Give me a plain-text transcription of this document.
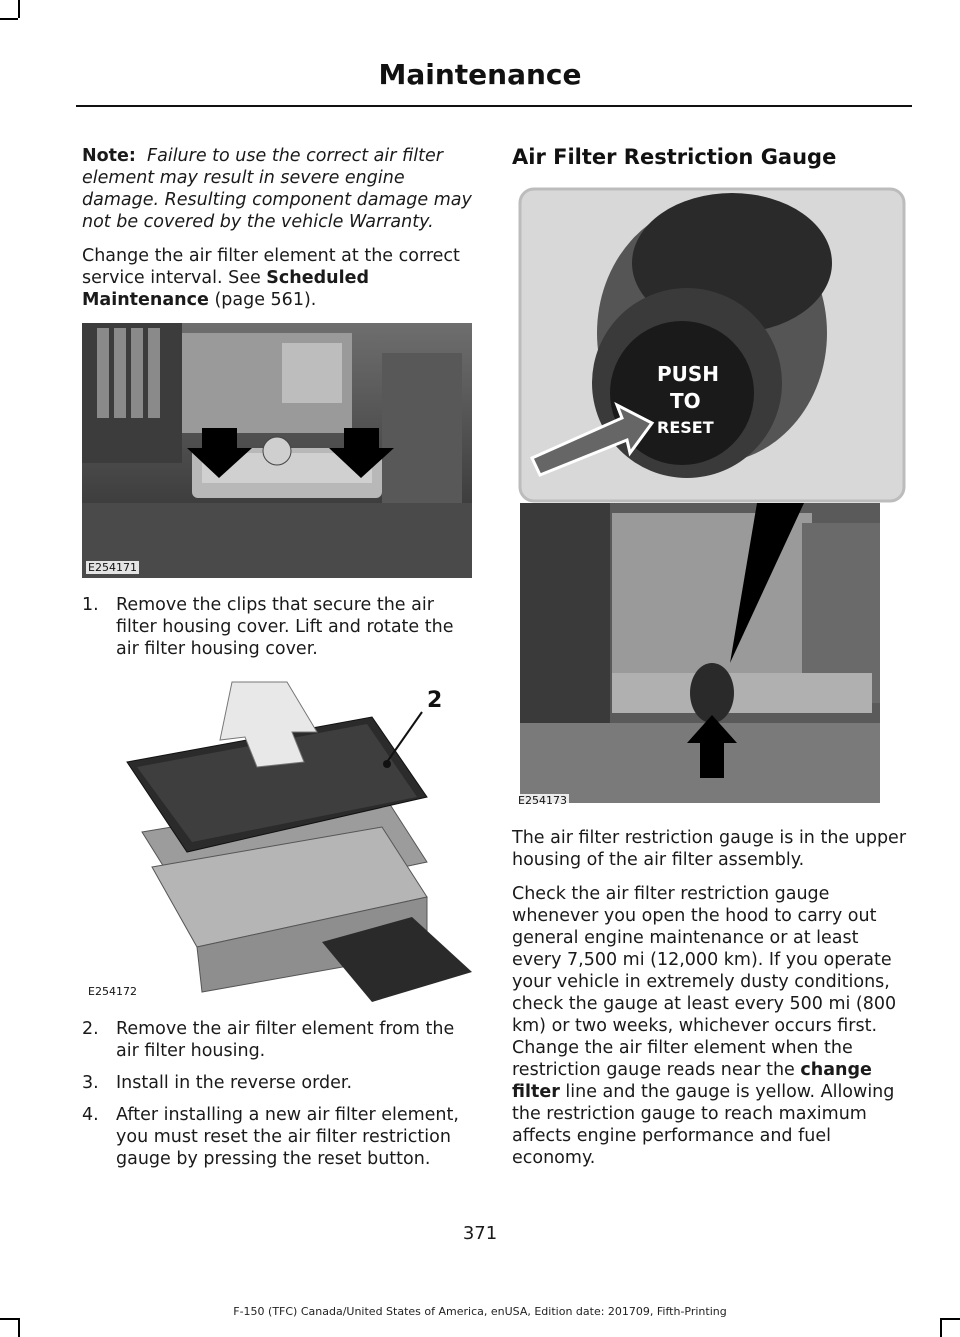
Maintenance

Note: Failure to use the correct air filter element may result in severe engine damage. Resulting component damage may not be covered by the vehicle Warranty.

Change the air filter element at the correct service interval. See Scheduled Maintenance (page 561).

E254171
1. Remove the clips that secure the air filter housing cover. Lift and rotate the air filter housing cover.
2
E254172
2. Remove the air filter element from the air filter housing.
3. Install in the reverse order.
4. After installing a new air filter element, you must reset the air filter restriction gauge by pressing the reset button.
Air Filter Restriction Gauge
PUSH
TO
RESET
E254173

The air filter restriction gauge is in the upper housing of the air filter assembly.

Check the air filter restriction gauge whenever you open the hood to carry out general engine maintenance or at least every 7,500 mi (12,000 km). If you operate your vehicle in extremely dusty conditions, check the gauge at least every 500 mi (800 km) or two weeks, whichever occurs first. Change the air filter element when the restriction gauge reads near the change filter line and the gauge is yellow. Allowing the restriction gauge to reach maximum affects engine performance and fuel economy.

371
F-150 (TFC) Canada/United States of America, enUSA, Edition date: 201709, Fifth-Printing
